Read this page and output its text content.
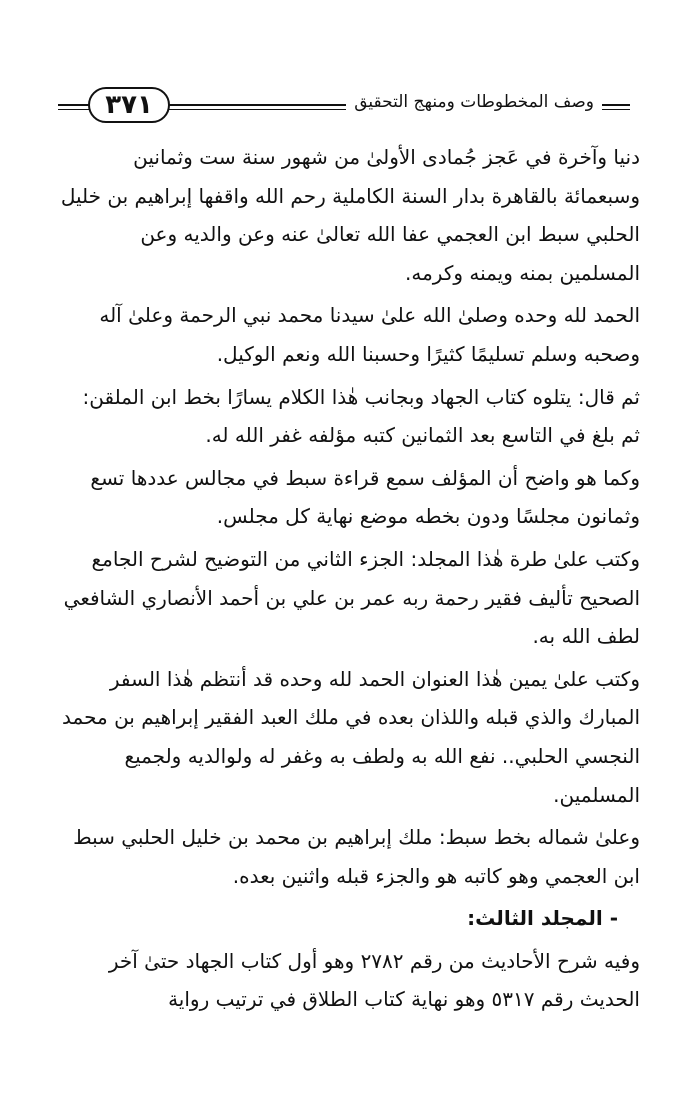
٣٧١	وصف المخطوطات ومنهج التحقيق

دنيا وآخرة في عَجز جُمادى الأولىٰ من شهور سنة ست وثمانين وسبعمائة بالقاهرة بدار السنة الكاملية رحم الله واقفها إبراهيم بن خليل الحلبي سبط ابن العجمي عفا الله تعالىٰ عنه وعن والديه وعن المسلمين بمنه ويمنه وكرمه.

الحمد لله وحده وصلىٰ الله علىٰ سيدنا محمد نبي الرحمة وعلىٰ آله وصحبه وسلم تسليمًا كثيرًا وحسبنا الله ونعم الوكيل.

ثم قال: يتلوه كتاب الجهاد وبجانب هٰذا الكلام يسارًا بخط ابن الملقن: ثم بلغ في التاسع بعد الثمانين كتبه مؤلفه غفر الله له.

وكما هو واضح أن المؤلف سمع قراءة سبط في مجالس عددها تسع وثمانون مجلسًا ودون بخطه موضع نهاية كل مجلس.

وكتب علىٰ طرة هٰذا المجلد: الجزء الثاني من التوضيح لشرح الجامع الصحيح تأليف فقير رحمة ربه عمر بن علي بن أحمد الأنصاري الشافعي لطف الله به.

وكتب علىٰ يمين هٰذا العنوان الحمد لله وحده قد أنتظم هٰذا السفر المبارك والذي قبله واللذان بعده في ملك العبد الفقير إبراهيم بن محمد النجسي الحلبي.. نفع الله به ولطف به وغفر له ولوالديه ولجميع المسلمين.

وعلىٰ شماله بخط سبط: ملك إبراهيم بن محمد بن خليل الحلبي سبط ابن العجمي وهو كاتبه هو والجزء قبله واثنين بعده.

- المجلد الثالث:

وفيه شرح الأحاديث من رقم ٢٧٨٢ وهو أول كتاب الجهاد حتىٰ آخر الحديث رقم ٥٣١٧ وهو نهاية كتاب الطلاق في ترتيب رواية
